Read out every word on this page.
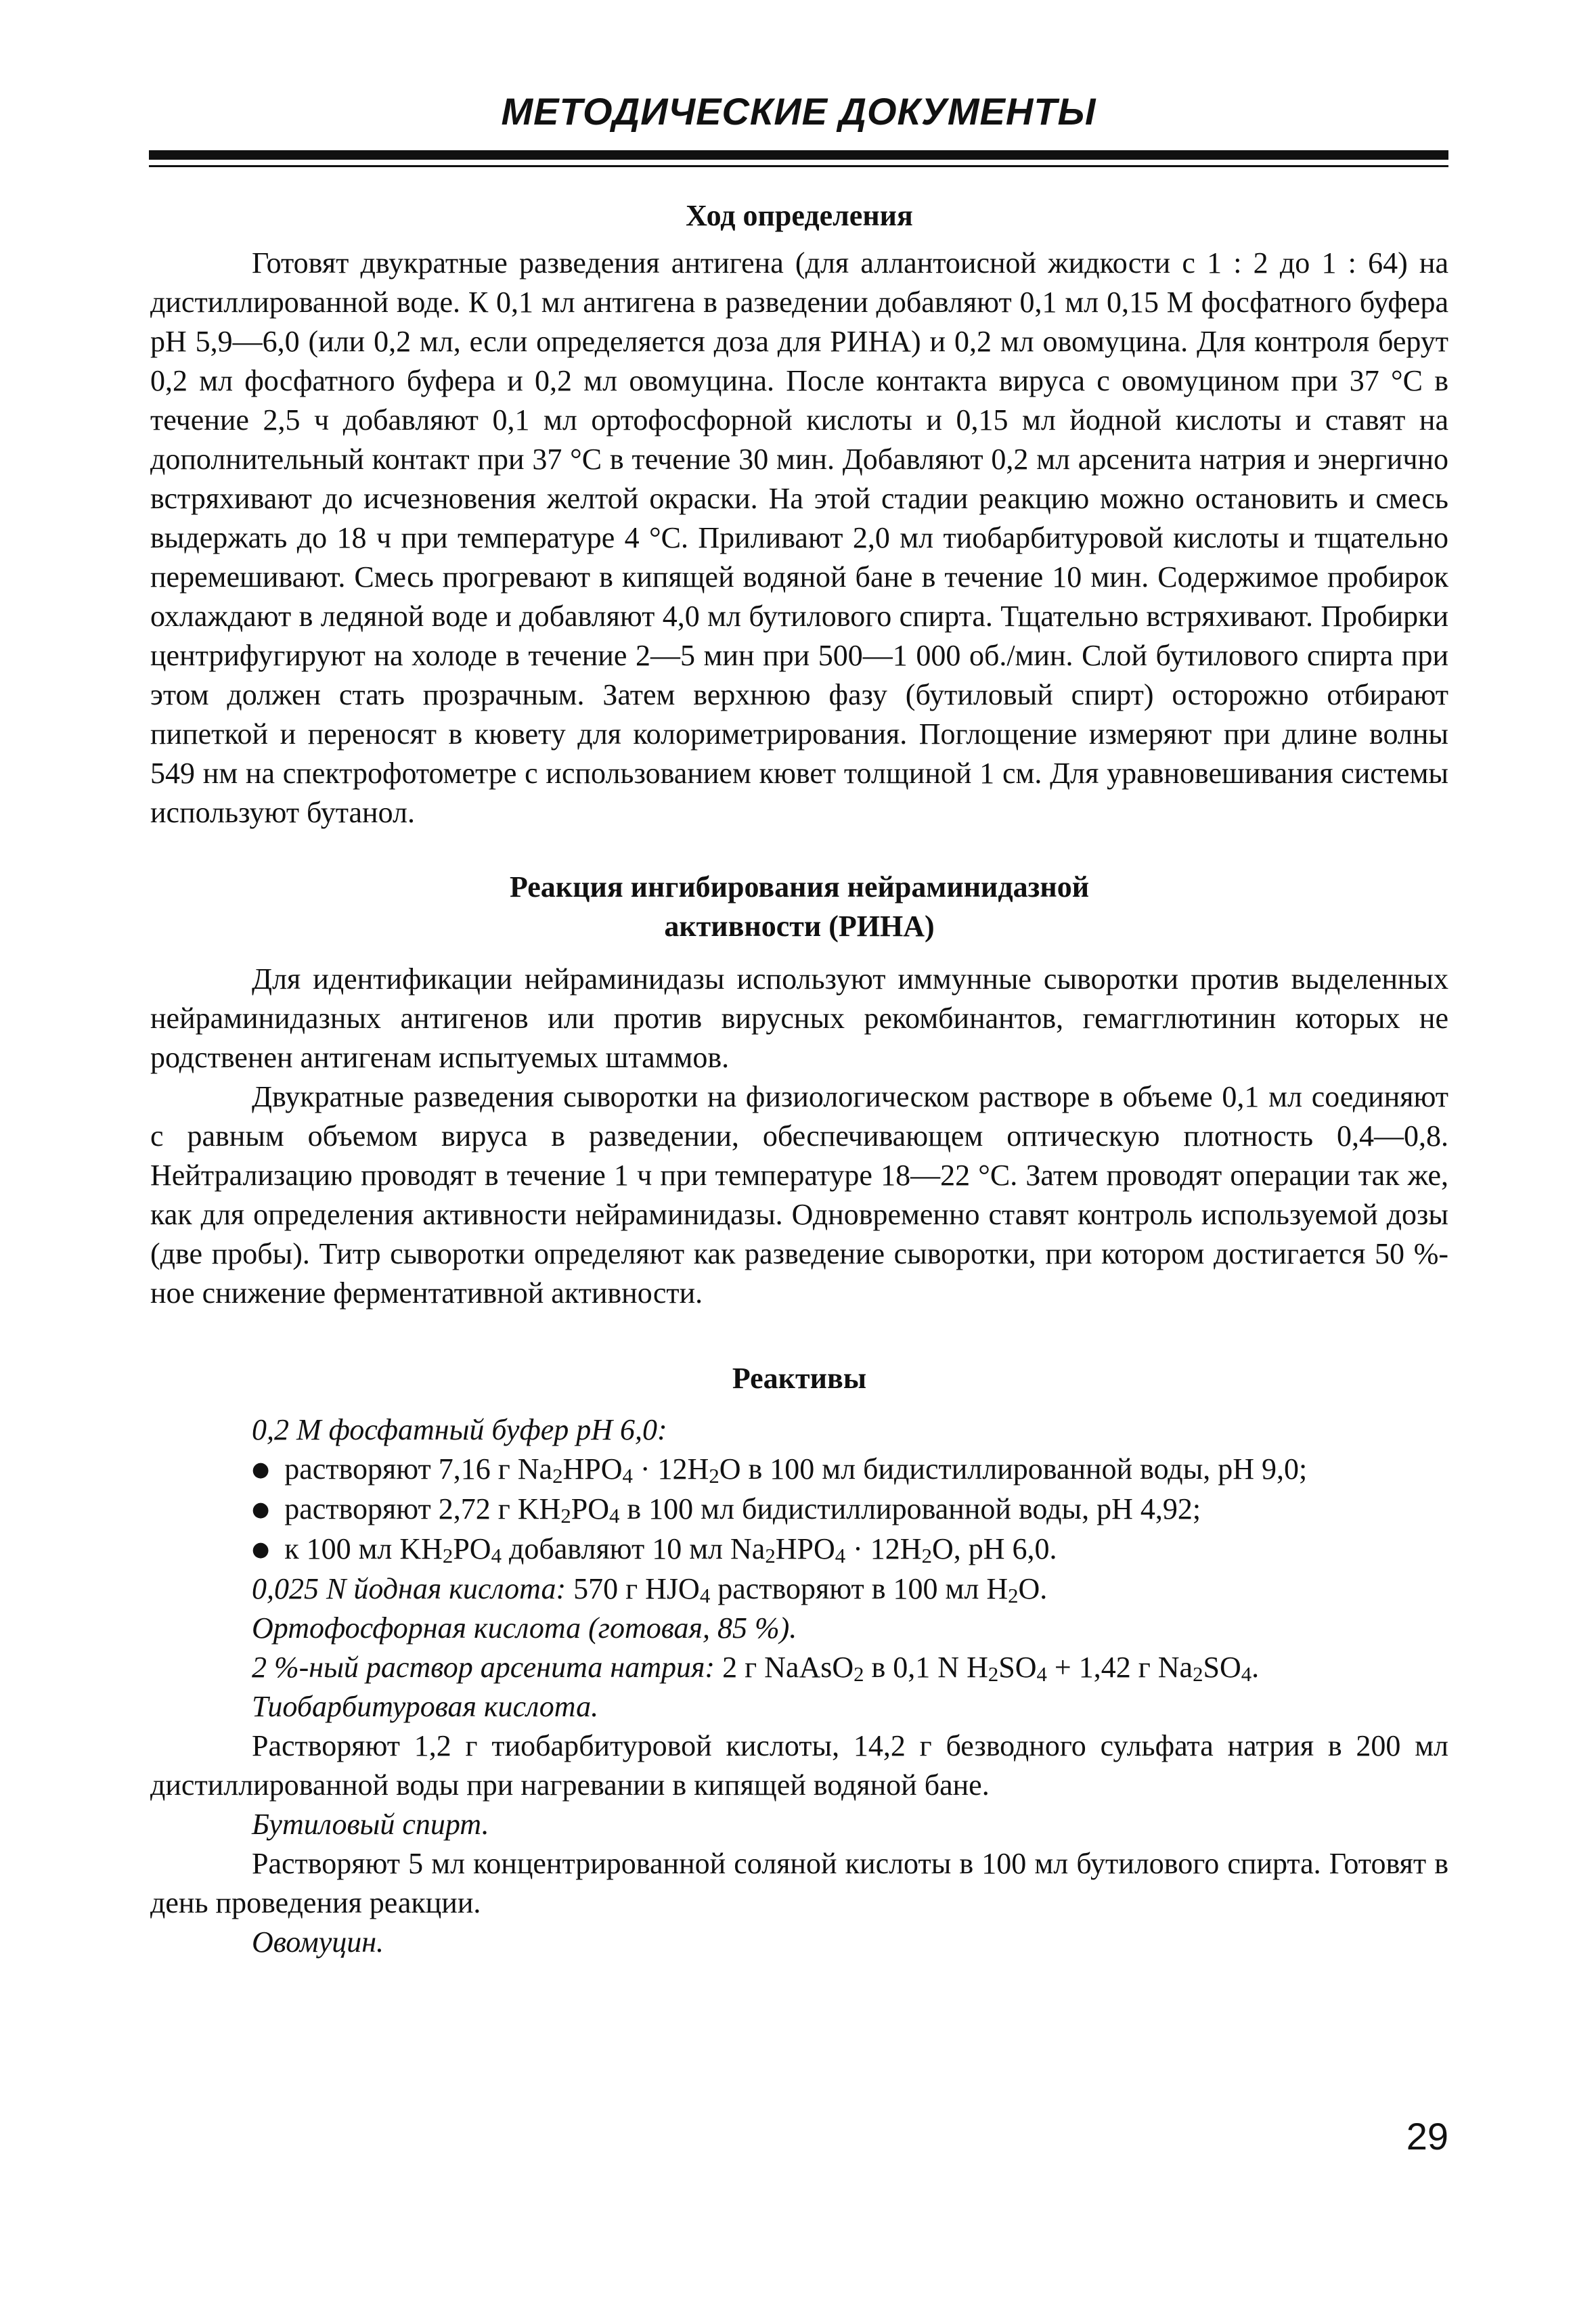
МЕТОДИЧЕСКИЕ ДОКУМЕНТЫ
Ход определения

Готовят двукратные разведения антигена (для аллантоисной жидкости с 1 : 2 до 1 : 64) на дистиллированной воде. К 0,1 мл антигена в разведении добавляют 0,1 мл 0,15 М фосфатного буфера рН 5,9—6,0 (или 0,2 мл, если определяется доза для РИНА) и 0,2 мл овомуцина. Для контроля берут 0,2 мл фосфатного буфера и 0,2 мл овомуцина. После контакта вируса с овомуцином при 37 °С в течение 2,5 ч добавляют 0,1 мл ортофосфорной кислоты и 0,15 мл йодной кислоты и ставят на дополнительный контакт при 37 °С в течение 30 мин. Добавляют 0,2 мл арсенита натрия и энергично встряхивают до исчезновения желтой окраски. На этой стадии реакцию можно остановить и смесь выдержать до 18 ч при температуре 4 °С. Приливают 2,0 мл тиобарбитуровой кислоты и тщательно перемешивают. Смесь прогревают в кипящей водяной бане в течение 10 мин. Содержимое пробирок охлаждают в ледяной воде и добавляют 4,0 мл бутилового спирта. Тщательно встряхивают. Пробирки центрифугируют на холоде в течение 2—5 мин при 500—1 000 об./мин. Слой бутилового спирта при этом должен стать прозрачным. Затем верхнюю фазу (бутиловый спирт) осторожно отбирают пипеткой и переносят в кювету для колориметрирования. Поглощение измеряют при длине волны 549 нм на спектрофотометре с использованием кювет толщиной 1 см. Для уравновешивания системы используют бутанол.

Реакция ингибирования нейраминидазной
активности (РИНА)

Для идентификации нейраминидазы используют иммунные сыворотки против выделенных нейраминидазных антигенов или против вирусных рекомбинантов, гемагглютинин которых не родственен антигенам испытуемых штаммов.

Двукратные разведения сыворотки на физиологическом растворе в объеме 0,1 мл соединяют с равным объемом вируса в разведении, обеспечивающем оптическую плотность 0,4—0,8. Нейтрализацию проводят в течение 1 ч при температуре 18—22 °С. Затем проводят операции так же, как для определения активности нейраминидазы. Одновременно ставят контроль используемой дозы (две пробы). Титр сыворотки определяют как разведение сыворотки, при котором достигается 50 %-ное снижение ферментативной активности.

Реактивы

0,2 М фосфатный буфер рН 6,0:

● растворяют 7,16 г $Na_2HPO_4 \cdot 12H_2O$ в 100 мл бидистиллированной воды, рН 9,0;

● растворяют 2,72 г $KH_2PO_4$ в 100 мл бидистиллированной воды, рН 4,92;

● к 100 мл $KH_2PO_4$ добавляют 10 мл $Na_2HPO_4 \cdot 12H_2O$, рН 6,0.

0,025 N йодная кислота: 570 г $HJO_4$ растворяют в 100 мл $H_2O$.

Ортофосфорная кислота (готовая, 85 %).

2 %-ный раствор арсенита натрия: 2 г NaAsO$_2$ в 0,1 N $H_2SO_4 + 1,42$ г $Na_2SO_4$.

Тиобарбитуровая кислота.

Растворяют 1,2 г тиобарбитуровой кислоты, 14,2 г безводного сульфата натрия в 200 мл дистиллированной воды при нагревании в кипящей водяной бане.

Бутиловый спирт.

Растворяют 5 мл концентрированной соляной кислоты в 100 мл бутилового спирта. Готовят в день проведения реакции.

Овомуцин.

29
